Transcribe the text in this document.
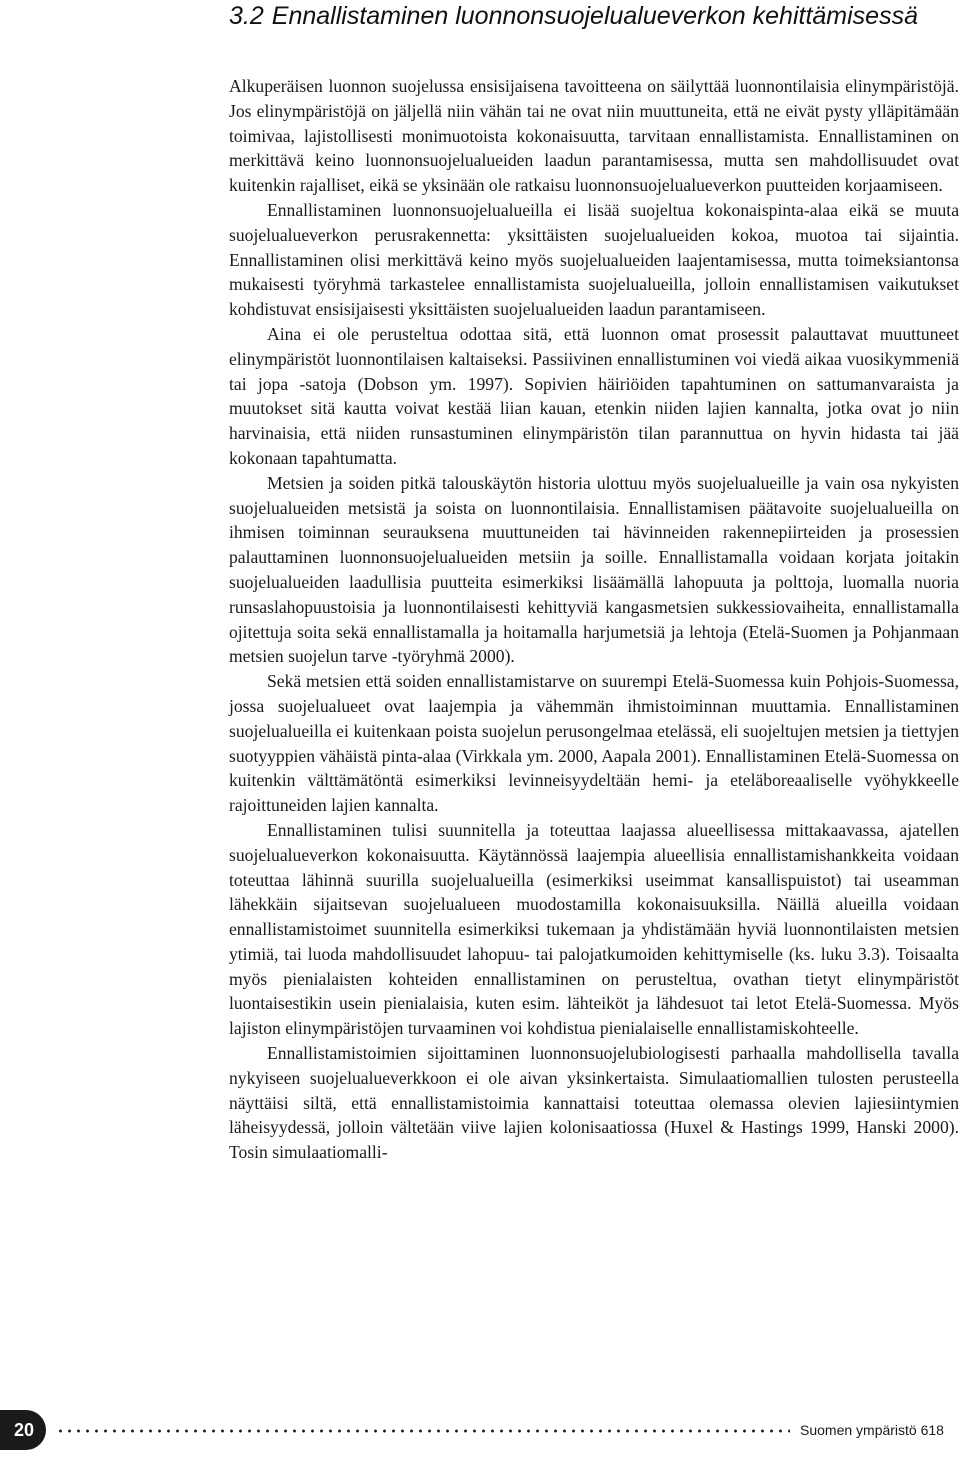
3.2 Ennallistaminen luonnonsuojelualueverkon kehittämisessä

Alkuperäisen luonnon suojelussa ensisijaisena tavoitteena on säilyttää luonnontilaisia elinympäristöjä. Jos elinympäristöjä on jäljellä niin vähän tai ne ovat niin muuttuneita, että ne eivät pysty ylläpitämään toimivaa, lajistollisesti monimuotoista kokonaisuutta, tarvitaan ennallistamista. Ennallistaminen on merkittävä keino luonnonsuojelualueiden laadun parantamisessa, mutta sen mahdollisuudet ovat kuitenkin rajalliset, eikä se yksinään ole ratkaisu luonnonsuojelualueverkon puutteiden korjaamiseen.

Ennallistaminen luonnonsuojelualueilla ei lisää suojeltua kokonaispinta-alaa eikä se muuta suojelualueverkon perusrakennetta: yksittäisten suojelualueiden kokoa, muotoa tai sijaintia. Ennallistaminen olisi merkittävä keino myös suojelualueiden laajentamisessa, mutta toimeksiantonsa mukaisesti työryhmä tarkastelee ennallistamista suojelualueilla, jolloin ennallistamisen vaikutukset kohdistuvat ensisijaisesti yksittäisten suojelualueiden laadun parantamiseen.

Aina ei ole perusteltua odottaa sitä, että luonnon omat prosessit palauttavat muuttuneet elinympäristöt luonnontilaisen kaltaiseksi. Passiivinen ennallistuminen voi viedä aikaa vuosikymmeniä tai jopa -satoja (Dobson ym. 1997). Sopivien häiriöiden tapahtuminen on sattumanvaraista ja muutokset sitä kautta voivat kestää liian kauan, etenkin niiden lajien kannalta, jotka ovat jo niin harvinaisia, että niiden runsastuminen elinympäristön tilan parannuttua on hyvin hidasta tai jää kokonaan tapahtumatta.

Metsien ja soiden pitkä talouskäytön historia ulottuu myös suojelualueille ja vain osa nykyisten suojelualueiden metsistä ja soista on luonnontilaisia. Ennallistamisen päätavoite suojelualueilla on ihmisen toiminnan seurauksena muuttuneiden tai hävinneiden rakennepiirteiden ja prosessien palauttaminen luonnonsuojelualueiden metsiin ja soille. Ennallistamalla voidaan korjata joitakin suojelualueiden laadullisia puutteita esimerkiksi lisäämällä lahopuuta ja polttoja, luomalla nuoria runsaslahopuustoisia ja luonnontilaisesti kehittyviä kangasmetsien sukkessiovaiheita, ennallistamalla ojitettuja soita sekä ennallistamalla ja hoitamalla harjumetsiä ja lehtoja (Etelä-Suomen ja Pohjanmaan metsien suojelun tarve -työryhmä 2000).

Sekä metsien että soiden ennallistamistarve on suurempi Etelä-Suomessa kuin Pohjois-Suomessa, jossa suojelualueet ovat laajempia ja vähemmän ihmistoiminnan muuttamia. Ennallistaminen suojelualueilla ei kuitenkaan poista suojelun perusongelmaa etelässä, eli suojeltujen metsien ja tiettyjen suotyyppien vähäistä pinta-alaa (Virkkala ym. 2000, Aapala 2001). Ennallistaminen Etelä-Suomessa on kuitenkin välttämätöntä esimerkiksi levinneisyydeltään hemi- ja eteläboreaaliselle vyöhykkeelle rajoittuneiden lajien kannalta.

Ennallistaminen tulisi suunnitella ja toteuttaa laajassa alueellisessa mittakaavassa, ajatellen suojelualueverkon kokonaisuutta. Käytännössä laajempia alueellisia ennallistamishankkeita voidaan toteuttaa lähinnä suurilla suojelualueilla (esimerkiksi useimmat kansallispuistot) tai useamman lähekkäin sijaitsevan suojelualueen muodostamilla kokonaisuuksilla. Näillä alueilla voidaan ennallistamistoimet suunnitella esimerkiksi tukemaan ja yhdistämään hyviä luonnontilaisten metsien ytimiä, tai luoda mahdollisuudet lahopuu- tai palojatkumoiden kehittymiselle (ks. luku 3.3). Toisaalta myös pienialaisten kohteiden ennallistaminen on perusteltua, ovathan tietyt elinympäristöt luontaisestikin usein pienialaisia, kuten esim. lähteiköt ja lähdesuot tai letot Etelä-Suomessa. Myös lajiston elinympäristöjen turvaaminen voi kohdistua pienialaiselle ennallistamiskohteelle.

Ennallistamistoimien sijoittaminen luonnonsuojelubiologisesti parhaalla mahdollisella tavalla nykyiseen suojelualueverkkoon ei ole aivan yksinkertaista. Simulaatiomallien tulosten perusteella näyttäisi siltä, että ennallistamistoimia kannattaisi toteuttaa olemassa olevien lajiesiintymien läheisyydessä, jolloin vältetään viive lajien kolonisaatiossa (Huxel & Hastings 1999, Hanski 2000). Tosin simulaatiomalli-

20	Suomen ympäristö 618
